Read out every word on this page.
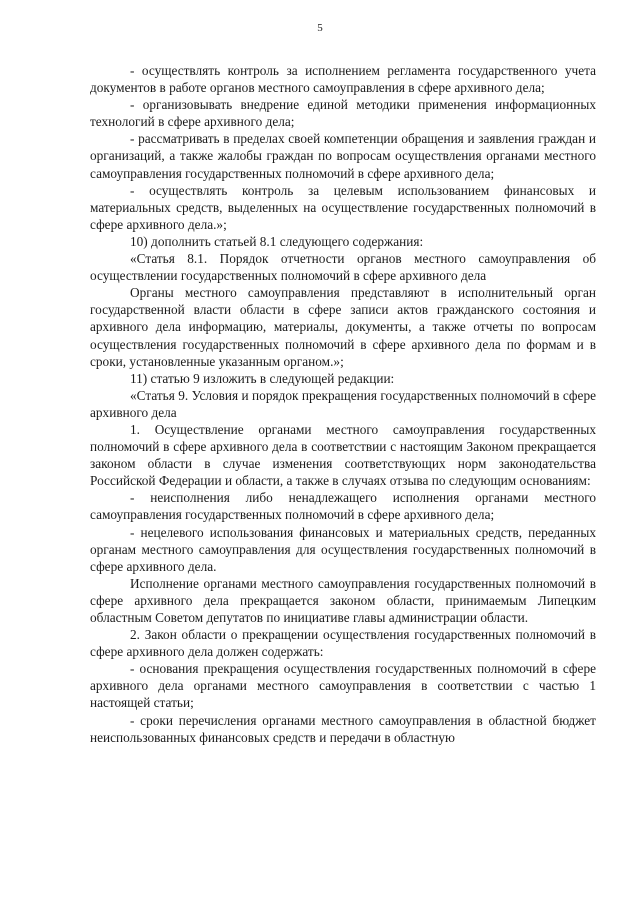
5

- осуществлять контроль за исполнением регламента государственного учета документов в работе органов местного самоуправления в сфере архивного дела;

- организовывать внедрение единой методики применения информационных технологий в сфере архивного дела;

- рассматривать в пределах своей компетенции обращения и заявления граждан и организаций, а также жалобы граждан по вопросам осуществления органами местного самоуправления государственных полномочий в сфере архивного дела;

- осуществлять контроль за целевым использованием финансовых и материальных средств, выделенных на осуществление государственных полномочий в сфере архивного дела.»;

10) дополнить статьей 8.1 следующего содержания:

«Статья 8.1. Порядок отчетности органов местного самоуправления об осуществлении государственных полномочий в сфере архивного дела

Органы местного самоуправления представляют в исполнительный орган государственной власти области в сфере записи актов гражданского состояния и архивного дела информацию, материалы, документы, а также отчеты по вопросам осуществления государственных полномочий в сфере архивного дела по формам и в сроки, установленные указанным органом.»;

11) статью 9 изложить в следующей редакции:

«Статья 9. Условия и порядок прекращения государственных полномочий в сфере архивного дела

1. Осуществление органами местного самоуправления государственных полномочий в сфере архивного дела в соответствии с настоящим Законом прекращается законом области в случае изменения соответствующих норм законодательства Российской Федерации и области, а также в случаях отзыва по следующим основаниям:

- неисполнения либо ненадлежащего исполнения органами местного самоуправления государственных полномочий в сфере архивного дела;

- нецелевого использования финансовых и материальных средств, переданных органам местного самоуправления для осуществления государственных полномочий в сфере архивного дела.

Исполнение органами местного самоуправления государственных полномочий в сфере архивного дела прекращается законом области, принимаемым Липецким областным Советом депутатов по инициативе главы администрации области.

2. Закон области о прекращении осуществления государственных полномочий в сфере архивного дела должен содержать:

- основания прекращения осуществления государственных полномочий в сфере архивного дела органами местного самоуправления в соответствии с частью 1 настоящей статьи;

- сроки перечисления органами местного самоуправления в областной бюджет неиспользованных финансовых средств и передачи в областную
